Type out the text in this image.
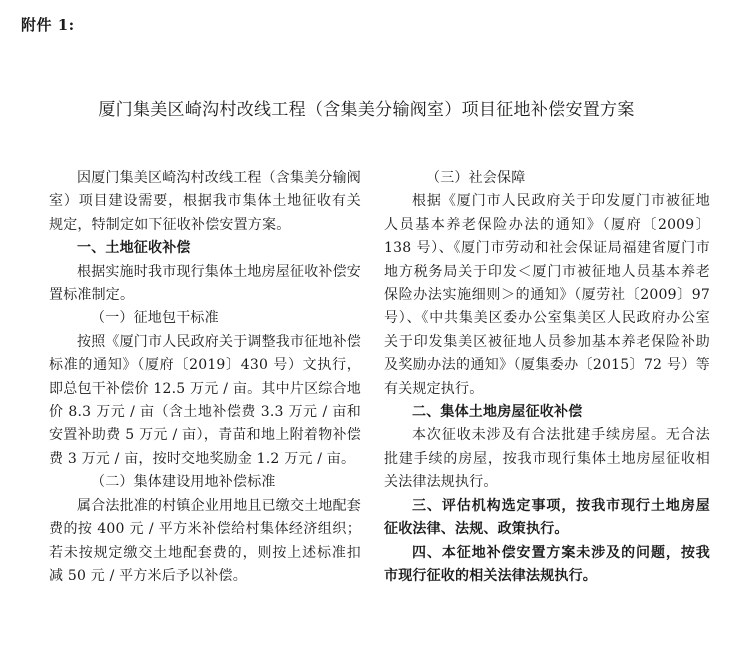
附件 1:
厦门集美区崎沟村改线工程（含集美分输阀室）项目征地补偿安置方案

因厦门集美区崎沟村改线工程（含集美分输阀室）项目建设需要，根据我市集体土地征收有关规定，特制定如下征收补偿安置方案。

一、土地征收补偿

根据实施时我市现行集体土地房屋征收补偿安置标准制定。

（一）征地包干标准

按照《厦门市人民政府关于调整我市征地补偿标准的通知》（厦府〔2019〕430 号）文执行，即总包干补偿价 12.5 万元 / 亩。其中片区综合地价 8.3 万元 / 亩（含土地补偿费 3.3 万元 / 亩和安置补助费 5 万元 / 亩），青苗和地上附着物补偿费 3 万元 / 亩，按时交地奖励金 1.2 万元 / 亩。

（二）集体建设用地补偿标准

属合法批准的村镇企业用地且已缴交土地配套费的按 400 元 / 平方米补偿给村集体经济组织；若未按规定缴交土地配套费的，则按上述标准扣减 50 元 / 平方米后予以补偿。

（三）社会保障

根据《厦门市人民政府关于印发厦门市被征地人员基本养老保险办法的通知》（厦府〔2009〕138 号）、《厦门市劳动和社会保证局福建省厦门市地方税务局关于印发＜厦门市被征地人员基本养老保险办法实施细则＞的通知》（厦劳社〔2009〕97 号）、《中共集美区委办公室集美区人民政府办公室关于印发集美区被征地人员参加基本养老保险补助及奖励办法的通知》（厦集委办〔2015〕72 号）等有关规定执行。

二、集体土地房屋征收补偿

本次征收未涉及有合法批建手续房屋。无合法批建手续的房屋，按我市现行集体土地房屋征收相关法律法规执行。

三、评估机构选定事项，按我市现行土地房屋征收法律、法规、政策执行。

四、本征地补偿安置方案未涉及的问题，按我市现行征收的相关法律法规执行。
